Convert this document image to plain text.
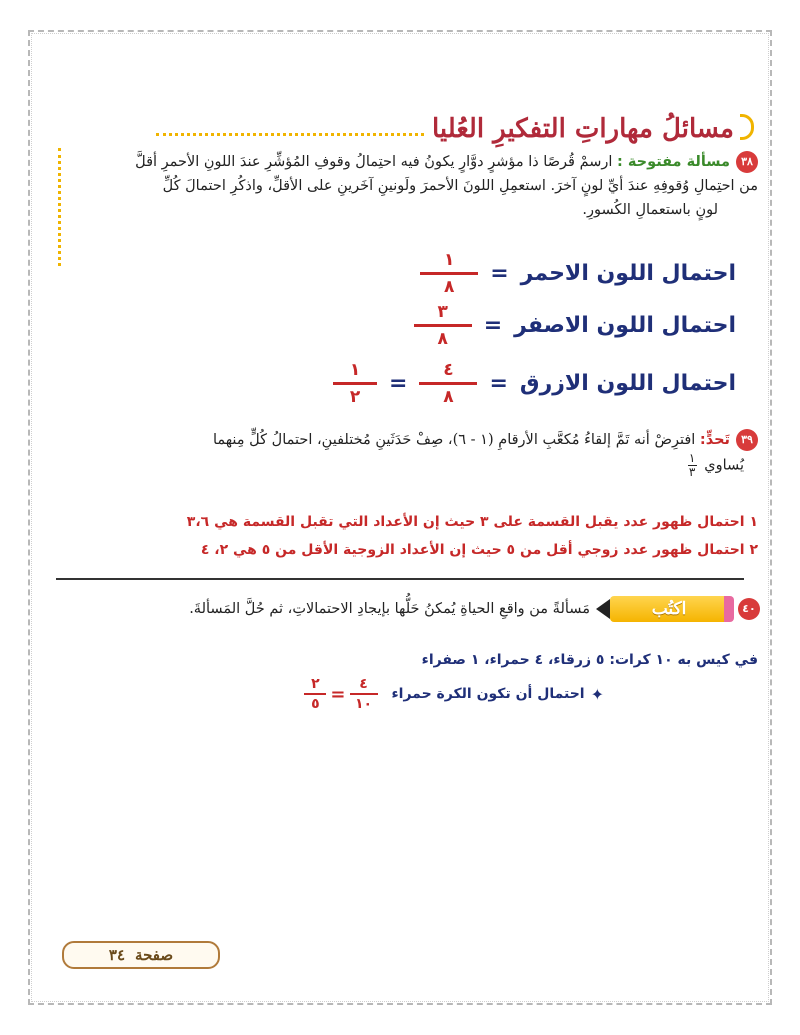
مسائلُ مهاراتِ التفكيرِ العُليا
٣٨مسألة مفتوحة : ارسمْ قُرصًا ذا مؤشرٍ دوَّارٍ يكونُ فيه احتِمالُ وقوفِ المُؤشِّرِ عندَ اللونِ الأحمرِ أقلَّ
من احتِمالِ وُقوفِهِ عندَ أيِّ لونٍ آخرَ. استعمِلِ اللونَ الأحمرَ ولَونينِ آخَرينِ على الأقلِّ، واذكُرِ احتمالَ كُلِّ
لونٍ باستعمالِ الكُسورِ.
احتمال اللون الاحمر
=
$\frac{١}{٨}$
احتمال اللون الاصفر
=
$\frac{٣}{٨}$
احتمال اللون الازرق
=
$\frac{٤}{٨}$
=
$\frac{١}{٢}$
٣٩تَحدٍّ: افترِضْ أنه تَمَّ إلقاءُ مُكعَّبِ الأرقامِ (١ - ٦)، صِفْ حَدَثَينِ مُختلفينِ، احتمالُ كُلٍّ مِنهما
يُساوي
$\frac{١}{٣}$
١ احتمال ظهور عدد يقبل القسمة على ٣ حيث إن الأعداد التي تقبل القسمة هي ٣،٦
٢ احتمال ظهور عدد زوجي أقل من ٥ حيث إن الأعداد الزوجية الأقل من ٥ هي ٢، ٤
٤٠
اكتُب
مَسألةً من واقعِ الحياةِ يُمكنُ حَلُّها بإيجادِ الاحتمالاتِ، ثم حُلَّ المَسألةَ.
في كيس به ١٠ كرات: ٥ زرقاء، ٤ حمراء، ١ صفراء
✦
احتمال أن تكون الكرة حمراء
$\frac{٤}{١٠}$
=
$\frac{٢}{٥}$
صفحة
٣٤
